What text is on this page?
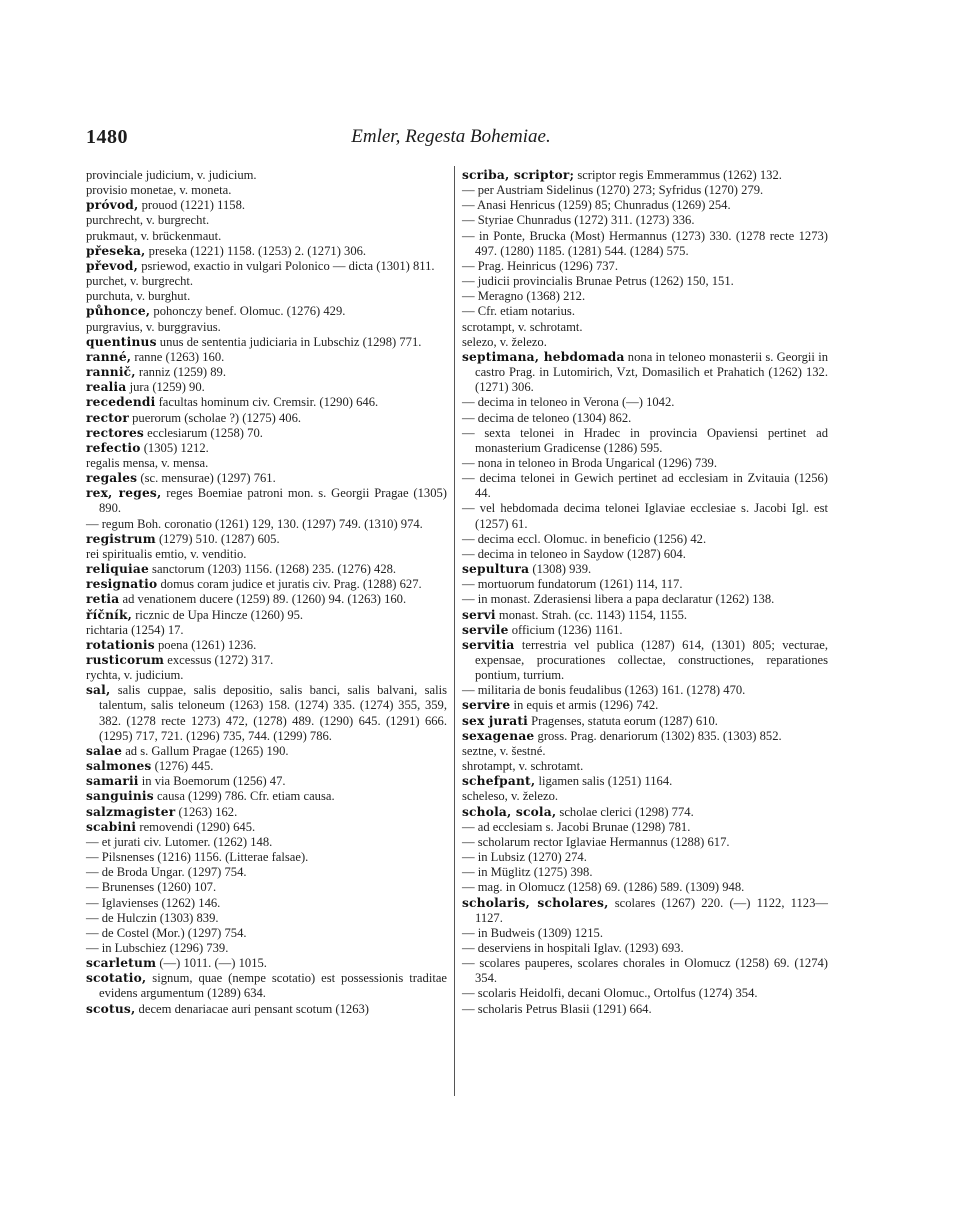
1480	Emler, Regesta Bohemiae.

provinciale judicium, v. judicium.

provisio monetae, v. moneta.

próvod, prouod (1221) 1158.

purchrecht, v. burgrecht.

prukmaut, v. brückenmaut.

přeseka, preseka (1221) 1158. (1253) 2. (1271) 306.

převod, psriewod, exactio in vulgari Polonico — dicta (1301) 811.

purchet, v. burgrecht.

purchuta, v. burghut.

půhonce, pohonczy benef. Olomuc. (1276) 429.

purgravius, v. burggravius.

quentinus unus de sententia judiciaria in Lubschiz (1298) 771.

ranné, ranne (1263) 160.

rannič, ranniz (1259) 89.

realia jura (1259) 90.

recedendi facultas hominum civ. Cremsir. (1290) 646.

rector puerorum (scholae ?) (1275) 406.

rectores ecclesiarum (1258) 70.

refectio (1305) 1212.

regalis mensa, v. mensa.

regales (sc. mensurae) (1297) 761.

rex, reges, reges Boemiae patroni mon. s. Georgii Pragae (1305) 890.

— regum Boh. coronatio (1261) 129, 130. (1297) 749. (1310) 974.

registrum (1279) 510. (1287) 605.

rei spiritualis emtio, v. venditio.

reliquiae sanctorum (1203) 1156. (1268) 235. (1276) 428.

resignatio domus coram judice et juratis civ. Prag. (1288) 627.

retia ad venationem ducere (1259) 89. (1260) 94. (1263) 160.

říčník, ricznic de Upa Hincze (1260) 95.

richtaria (1254) 17.

rotationis poena (1261) 1236.

rusticorum excessus (1272) 317.

rychta, v. judicium.

sal, salis cuppae, salis depositio, salis banci, salis balvani, salis talentum, salis teloneum (1263) 158. (1274) 335. (1274) 355, 359, 382. (1278 recte 1273) 472, (1278) 489. (1290) 645. (1291) 666. (1295) 717, 721. (1296) 735, 744. (1299) 786.

salae ad s. Gallum Pragae (1265) 190.

salmones (1276) 445.

samarii in via Boemorum (1256) 47.

sanguinis causa (1299) 786. Cfr. etiam causa.

salzmagister (1263) 162.

scabini removendi (1290) 645.

— et jurati civ. Lutomer. (1262) 148.

— Pilsnenses (1216) 1156. (Litterae falsae).

— de Broda Ungar. (1297) 754.

— Brunenses (1260) 107.

— Iglavienses (1262) 146.

— de Hulczin (1303) 839.

— de Costel (Mor.) (1297) 754.

— in Lubschiez (1296) 739.

scarletum (—) 1011. (—) 1015.

scotatio, signum, quae (nempe scotatio) est possessionis traditae evidens argumentum (1289) 634.

scotus, decem denariacae auri pensant scotum (1263)

scriba, scriptor; scriptor regis Emmerammus (1262) 132.

— per Austriam Sidelinus (1270) 273; Syfridus (1270) 279.

— Anasi Henricus (1259) 85; Chunradus (1269) 254.

— Styriae Chunradus (1272) 311. (1273) 336.

— in Ponte, Brucka (Most) Hermannus (1273) 330. (1278 recte 1273) 497. (1280) 1185. (1281) 544. (1284) 575.

— Prag. Heinricus (1296) 737.

— judicii provincialis Brunae Petrus (1262) 150, 151.

— Meragno (1368) 212.

— Cfr. etiam notarius.

scrotampt, v. schrotamt.

selezo, v. železo.

septimana, hebdomada nona in teloneo monasterii s. Georgii in castro Prag. in Lutomirich, Vzt, Domasilich et Prahatich (1262) 132. (1271) 306.

— decima in teloneo in Verona (—) 1042.

— decima de teloneo (1304) 862.

— sexta telonei in Hradec in provincia Opaviensi pertinet ad monasterium Gradicense (1286) 595.

— nona in teloneo in Broda Ungarical (1296) 739.

— decima telonei in Gewich pertinet ad ecclesiam in Zvitauia (1256) 44.

— vel hebdomada decima telonei Iglaviae ecclesiae s. Jacobi Igl. est (1257) 61.

— decima eccl. Olomuc. in beneficio (1256) 42.

— decima in teloneo in Saydow (1287) 604.

sepultura (1308) 939.

— mortuorum fundatorum (1261) 114, 117.

— in monast. Zderasiensi libera a papa declaratur (1262) 138.

servi monast. Strah. (cc. 1143) 1154, 1155.

servile officium (1236) 1161.

servitia terrestria vel publica (1287) 614, (1301) 805; vecturae, expensae, procurationes collectae, constructiones, reparationes pontium, turrium.

— militaria de bonis feudalibus (1263) 161. (1278) 470.

servire in equis et armis (1296) 742.

sex jurati Pragenses, statuta eorum (1287) 610.

sexagenae gross. Prag. denariorum (1302) 835. (1303) 852.

seztne, v. šestné.

shrotampt, v. schrotamt.

schefpant, ligamen salis (1251) 1164.

scheleso, v. železo.

schola, scola, scholae clerici (1298) 774.

— ad ecclesiam s. Jacobi Brunae (1298) 781.

— scholarum rector Iglaviae Hermannus (1288) 617.

— in Lubsiz (1270) 274.

— in Müglitz (1275) 398.

— mag. in Olomucz (1258) 69. (1286) 589. (1309) 948.

scholaris, scholares, scolares (1267) 220. (—) 1122, 1123—1127.

— in Budweis (1309) 1215.

— deserviens in hospitali Iglav. (1293) 693.

— scolares pauperes, scolares chorales in Olomucz (1258) 69. (1274) 354.

— scolaris Heidolfi, decani Olomuc., Ortolfus (1274) 354.

— scholaris Petrus Blasii (1291) 664.
